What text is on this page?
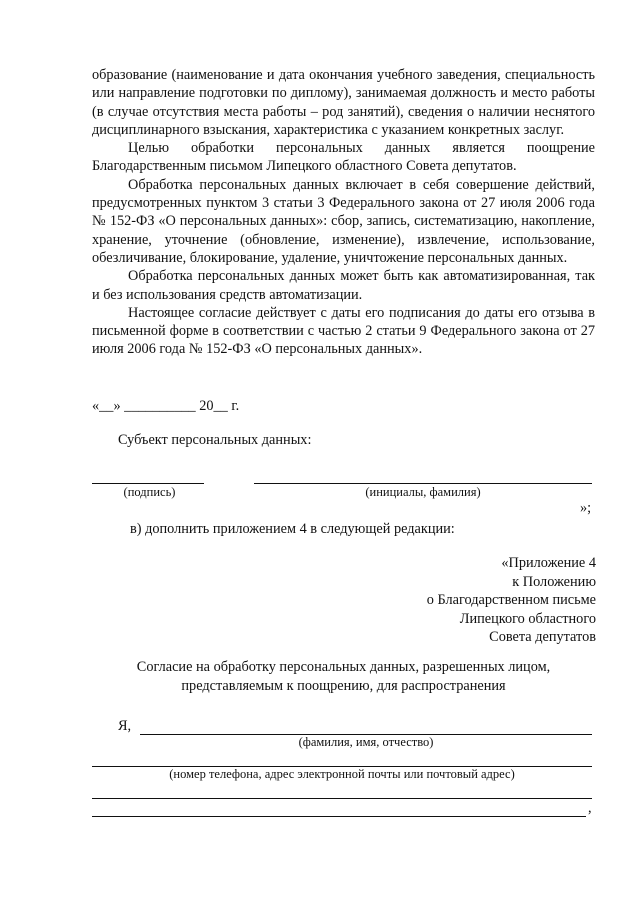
образование (наименование и дата окончания учебного заведения, специальность или направление подготовки по диплому), занимаемая должность и место работы (в случае отсутствия места работы – род занятий), сведения о наличии неснятого дисциплинарного взыскания, характеристика с указанием конкретных заслуг.

Целью обработки персональных данных является поощрение Благодарственным письмом Липецкого областного Совета депутатов.

Обработка персональных данных включает в себя совершение действий, предусмотренных пунктом 3 статьи 3 Федерального закона от 27 июля 2006 года № 152-ФЗ «О персональных данных»: сбор, запись, систематизацию, накопление, хранение, уточнение (обновление, изменение), извлечение, использование, обезличивание, блокирование, удаление, уничтожение персональных данных.

Обработка персональных данных может быть как автоматизированная, так и без использования средств автоматизации.

Настоящее согласие действует с даты его подписания до даты его отзыва в письменной форме в соответствии с частью 2 статьи 9 Федерального закона от 27 июля 2006 года № 152-ФЗ «О персональных данных».

«__» __________ 20__ г.
Субъект персональных данных:
(подпись)	(инициалы, фамилия)
»;
в) дополнить приложением 4 в следующей редакции:
«Приложение 4
к Положению
о Благодарственном письме
Липецкого областного
Совета депутатов
Согласие на обработку персональных данных, разрешенных лицом,
представляемым к поощрению, для распространения
Я,
(фамилия, имя, отчество)
(номер телефона, адрес электронной почты или почтовый адрес)
,
